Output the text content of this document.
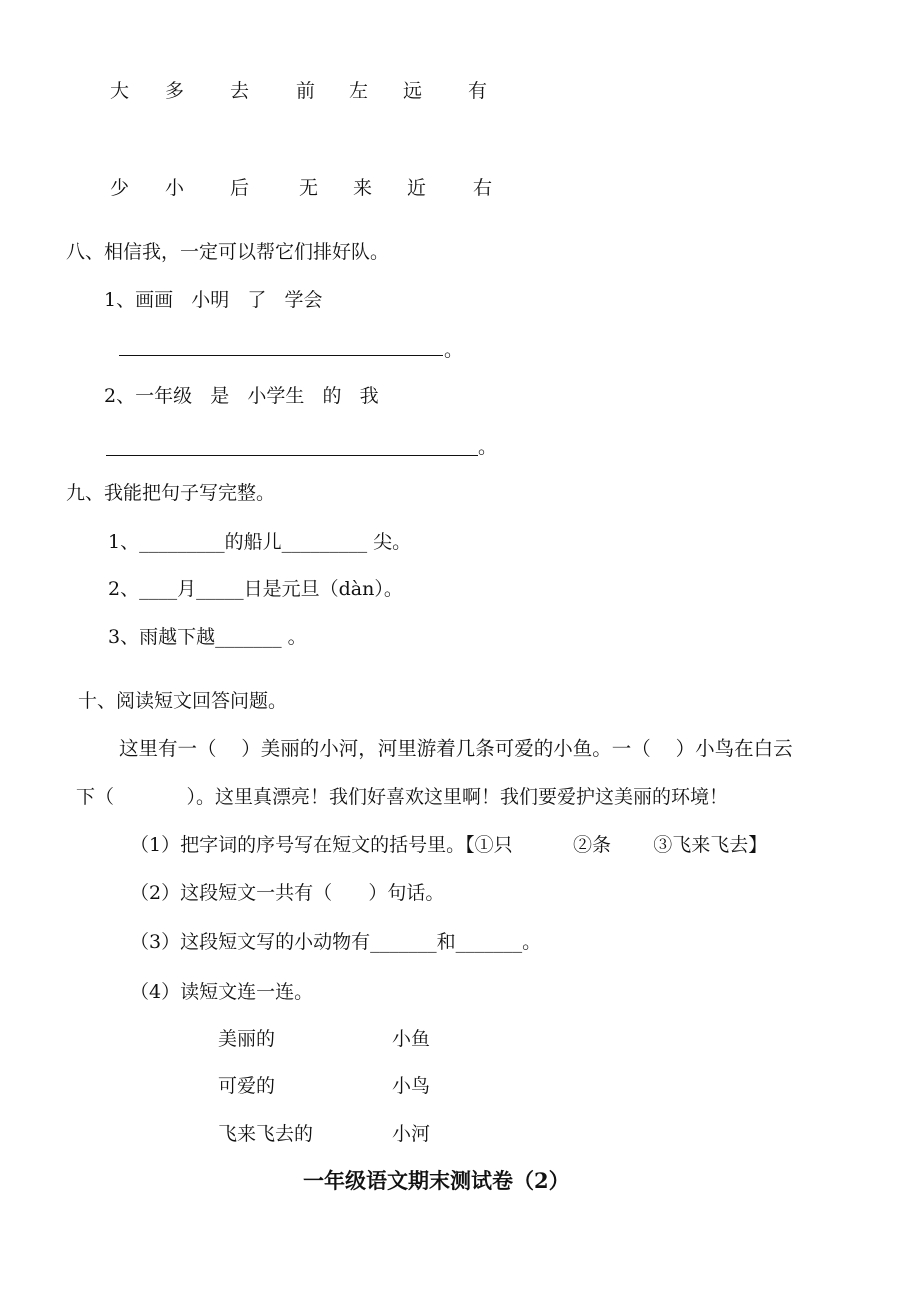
大 多 去 前 左 远 有
少 小 后	无 来 近 右
八、相信我，一定可以帮它们排好队。
1、画画   小明   了   学会
。
2、一年级   是   小学生   的   我
。
九、我能把句子写完整。
1、_________的船儿_________ 尖。
2、____月_____日是元旦（dàn）。
3、雨越下越_______ 。
十、阅读短文回答问题。
这里有一（    ）美丽的小河，河里游着几条可爱的小鱼。一（    ）小鸟在白云
下（            ）。这里真漂亮！我们好喜欢这里啊！我们要爱护这美丽的环境！
（1）把字词的序号写在短文的括号里。【①只          ②条       ③飞来飞去】
（2）这段短文一共有（      ）句话。
（3）这段短文写的小动物有_______和_______。
（4）读短文连一连。
美丽的
可爱的
飞来飞去的
小鱼
小鸟
小河
一年级语文期末测试卷（2）
